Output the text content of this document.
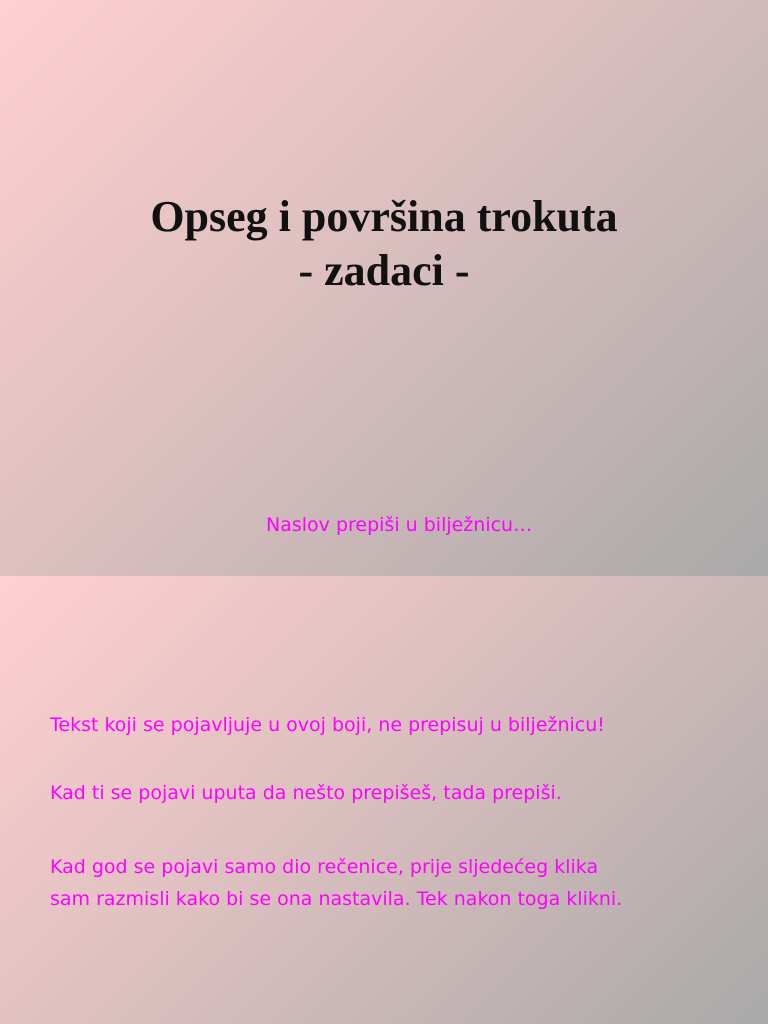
Opseg i površina trokuta
- zadaci -
Naslov prepiši u bilježnicu…
Tekst koji se pojavljuje u ovoj boji, ne prepisuj u bilježnicu!
Kad ti se pojavi uputa da nešto prepišeš, tada prepiši.
Kad god se pojavi samo dio rečenice, prije sljedećeg klika
sam razmisli kako bi se ona nastavila. Tek nakon toga klikni.
